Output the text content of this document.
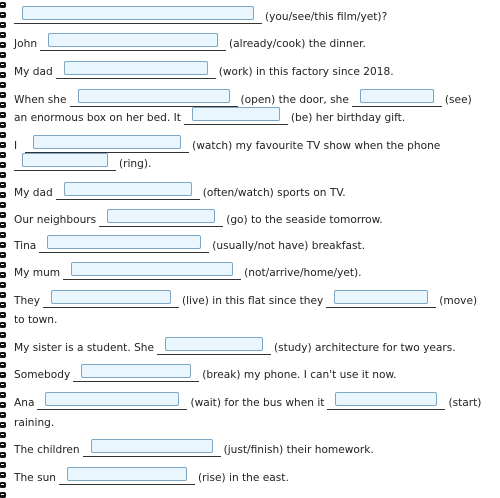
(you/see/this film/yet)?
John	(already/cook) the dinner.
My dad	(work) in this factory since 2018.
When she	(open) the door, she	(see)
an enormous box on her bed. It	(be) her birthday gift.
I	(watch) my favourite TV show when the phone
(ring).
My dad	(often/watch) sports on TV.
Our neighbours	(go) to the seaside tomorrow.
Tina	(usually/not have) breakfast.
My mum	(not/arrive/home/yet).
They	(live) in this flat since they	(move)
to town.
My sister is a student. She	(study) architecture for two years.
Somebody	(break) my phone. I can't use it now.
Ana	(wait) for the bus when it	(start)
raining.
The children	(just/finish) their homework.
The sun	(rise) in the east.
